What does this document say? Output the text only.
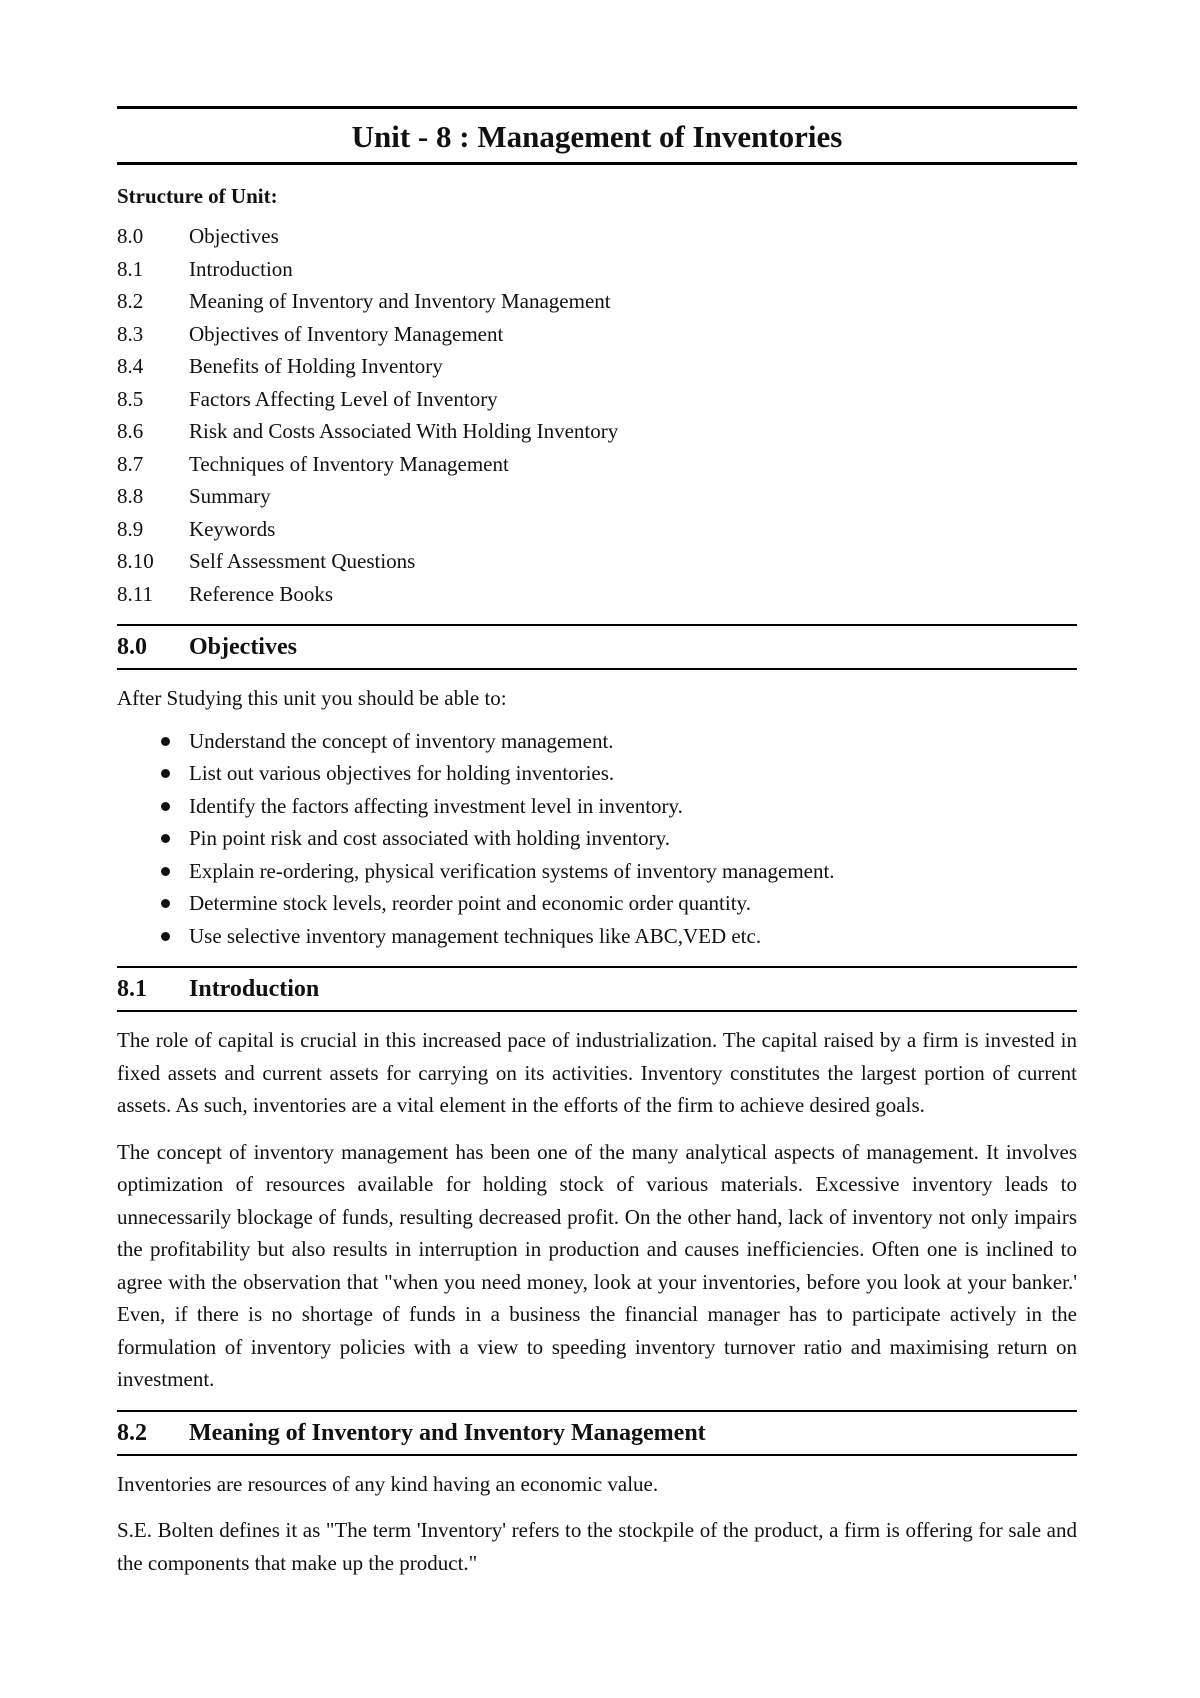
Unit - 8 : Management of Inventories
Structure of Unit:
8.0	Objectives
8.1	Introduction
8.2	Meaning of Inventory and Inventory Management
8.3	Objectives of Inventory Management
8.4	Benefits of Holding Inventory
8.5	Factors Affecting Level of Inventory
8.6	Risk and Costs Associated With Holding Inventory
8.7	Techniques of Inventory Management
8.8	Summary
8.9	Keywords
8.10	Self Assessment Questions
8.11	Reference Books
8.0	Objectives

After Studying this unit you should be able to:

Understand the concept of inventory management.
List out various objectives for holding inventories.
Identify the factors affecting investment level in inventory.
Pin point risk and cost associated with holding inventory.
Explain re-ordering, physical verification systems of inventory management.
Determine stock levels, reorder point and economic order quantity.
Use selective inventory management techniques like ABC,VED etc.
8.1	Introduction

The role of capital is crucial in this increased pace of industrialization. The capital raised by a firm is invested in fixed assets and current assets for carrying on its activities. Inventory constitutes the largest portion of current assets. As such, inventories are a vital element in the efforts of the firm to achieve desired goals.

The concept of inventory management has been one of the many analytical aspects of management. It involves optimization of resources available for holding stock of various materials. Excessive inventory leads to unnecessarily blockage of funds, resulting decreased profit. On the other hand, lack of inventory not only impairs the profitability but also results in interruption in production and causes inefficiencies. Often one is inclined to agree with the observation that "when you need money, look at your inventories, before you look at your banker.' Even, if there is no shortage of funds in a business the financial manager has to participate actively in the formulation of inventory policies with a view to speeding inventory turnover ratio and maximising return on investment.

8.2	Meaning of Inventory and Inventory Management

Inventories are resources of any kind having an economic value.

S.E. Bolten defines it as "The term 'Inventory' refers to the stockpile of the product, a firm is offering for sale and the components that make up the product."
